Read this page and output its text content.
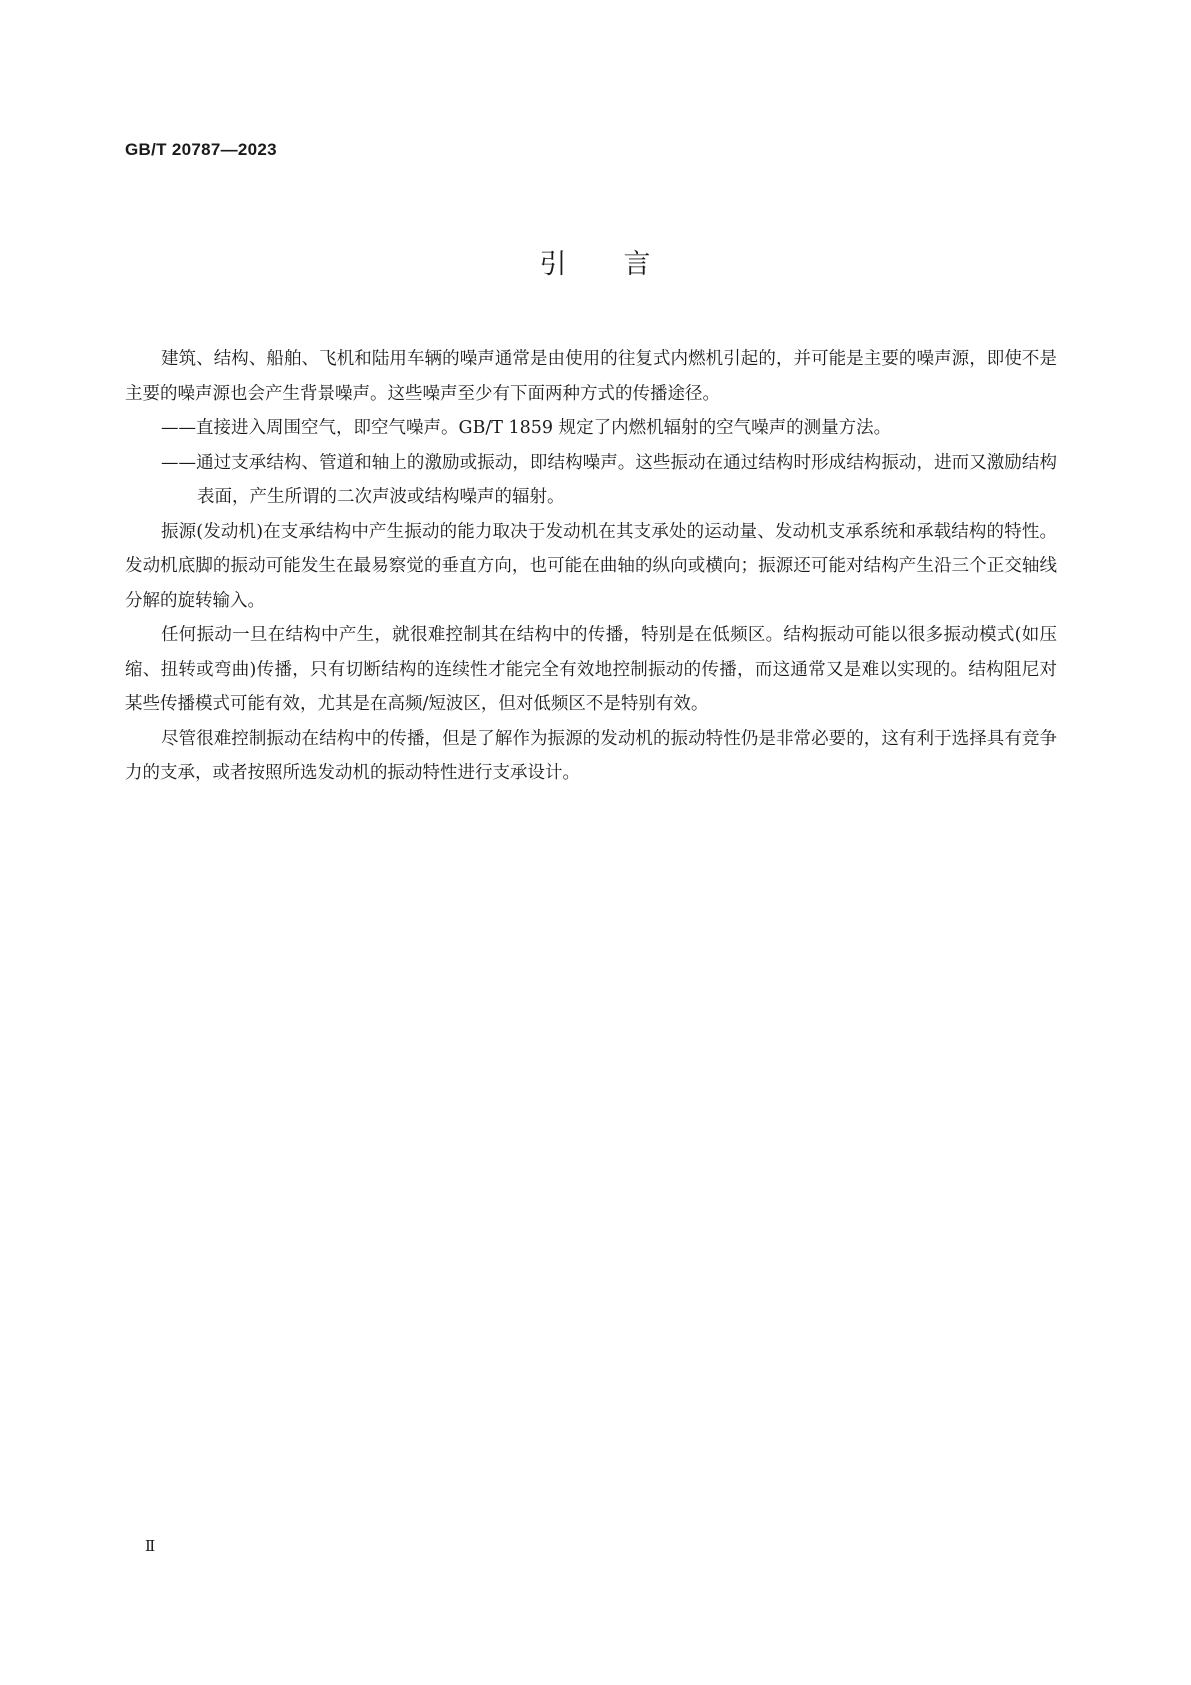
GB/T 20787—2023
引 言

建筑、结构、船舶、飞机和陆用车辆的噪声通常是由使用的往复式内燃机引起的，并可能是主要的噪声源，即使不是主要的噪声源也会产生背景噪声。这些噪声至少有下面两种方式的传播途径。

——直接进入周围空气，即空气噪声。GB/T 1859 规定了内燃机辐射的空气噪声的测量方法。

——通过支承结构、管道和轴上的激励或振动，即结构噪声。这些振动在通过结构时形成结构振动，进而又激励结构表面，产生所谓的二次声波或结构噪声的辐射。

振源(发动机)在支承结构中产生振动的能力取决于发动机在其支承处的运动量、发动机支承系统和承载结构的特性。发动机底脚的振动可能发生在最易察觉的垂直方向，也可能在曲轴的纵向或横向；振源还可能对结构产生沿三个正交轴线分解的旋转输入。

任何振动一旦在结构中产生，就很难控制其在结构中的传播，特别是在低频区。结构振动可能以很多振动模式(如压缩、扭转或弯曲)传播，只有切断结构的连续性才能完全有效地控制振动的传播，而这通常又是难以实现的。结构阻尼对某些传播模式可能有效，尤其是在高频/短波区，但对低频区不是特别有效。

尽管很难控制振动在结构中的传播，但是了解作为振源的发动机的振动特性仍是非常必要的，这有利于选择具有竞争力的支承，或者按照所选发动机的振动特性进行支承设计。

Ⅱ
